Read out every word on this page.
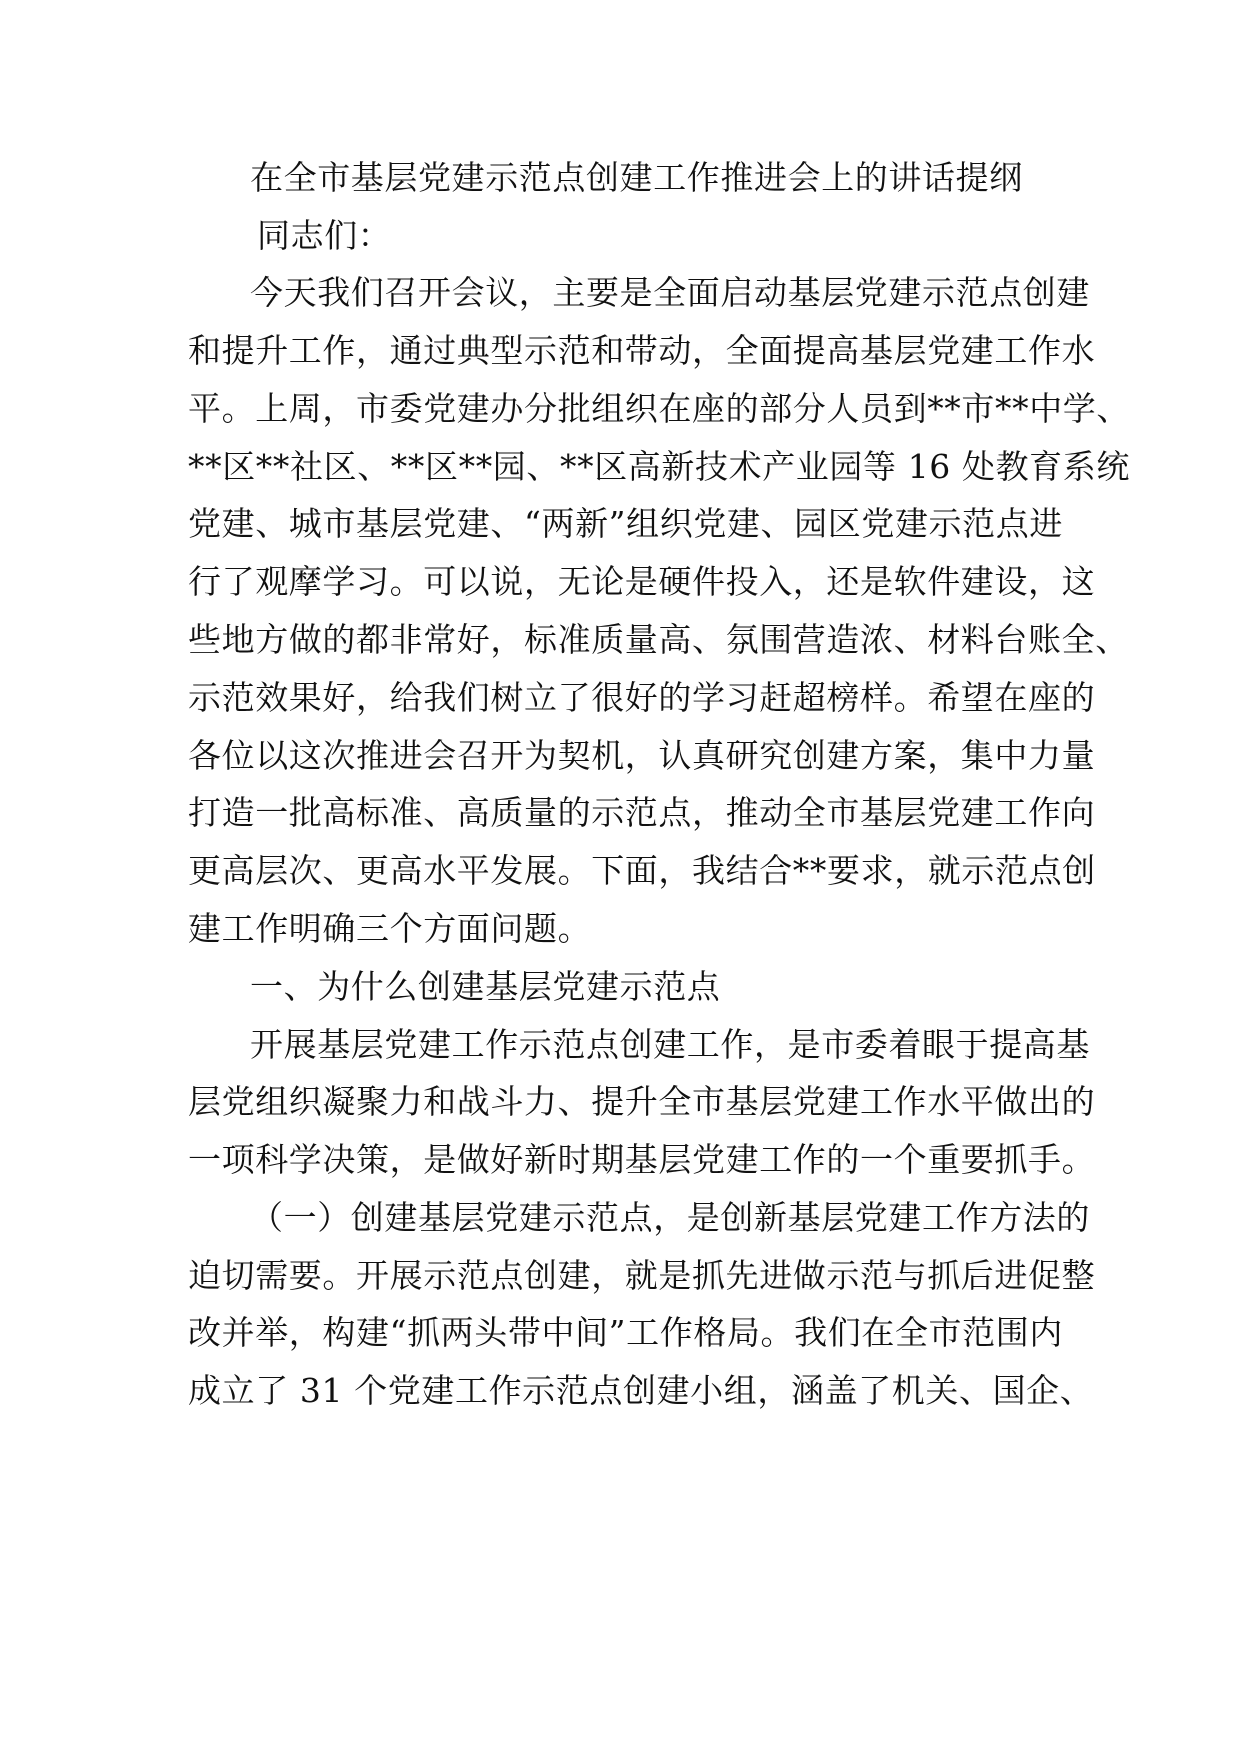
在全市基层党建示范点创建工作推进会上的讲话提纲
同志们：
今天我们召开会议，主要是全面启动基层党建示范点创建
和提升工作，通过典型示范和带动，全面提高基层党建工作水
平。上周，市委党建办分批组织在座的部分人员到**市**中学、
**区**社区、**区**园、**区高新技术产业园等 16 处教育系统
党建、城市基层党建、“两新”组织党建、园区党建示范点进
行了观摩学习。可以说，无论是硬件投入，还是软件建设，这
些地方做的都非常好，标准质量高、氛围营造浓、材料台账全、
示范效果好，给我们树立了很好的学习赶超榜样。希望在座的
各位以这次推进会召开为契机，认真研究创建方案，集中力量
打造一批高标准、高质量的示范点，推动全市基层党建工作向
更高层次、更高水平发展。下面，我结合**要求，就示范点创
建工作明确三个方面问题。
一、为什么创建基层党建示范点
开展基层党建工作示范点创建工作，是市委着眼于提高基
层党组织凝聚力和战斗力、提升全市基层党建工作水平做出的
一项科学决策，是做好新时期基层党建工作的一个重要抓手。
（一）创建基层党建示范点，是创新基层党建工作方法的
迫切需要。开展示范点创建，就是抓先进做示范与抓后进促整
改并举，构建“抓两头带中间”工作格局。我们在全市范围内
成立了 31 个党建工作示范点创建小组，涵盖了机关、国企、
